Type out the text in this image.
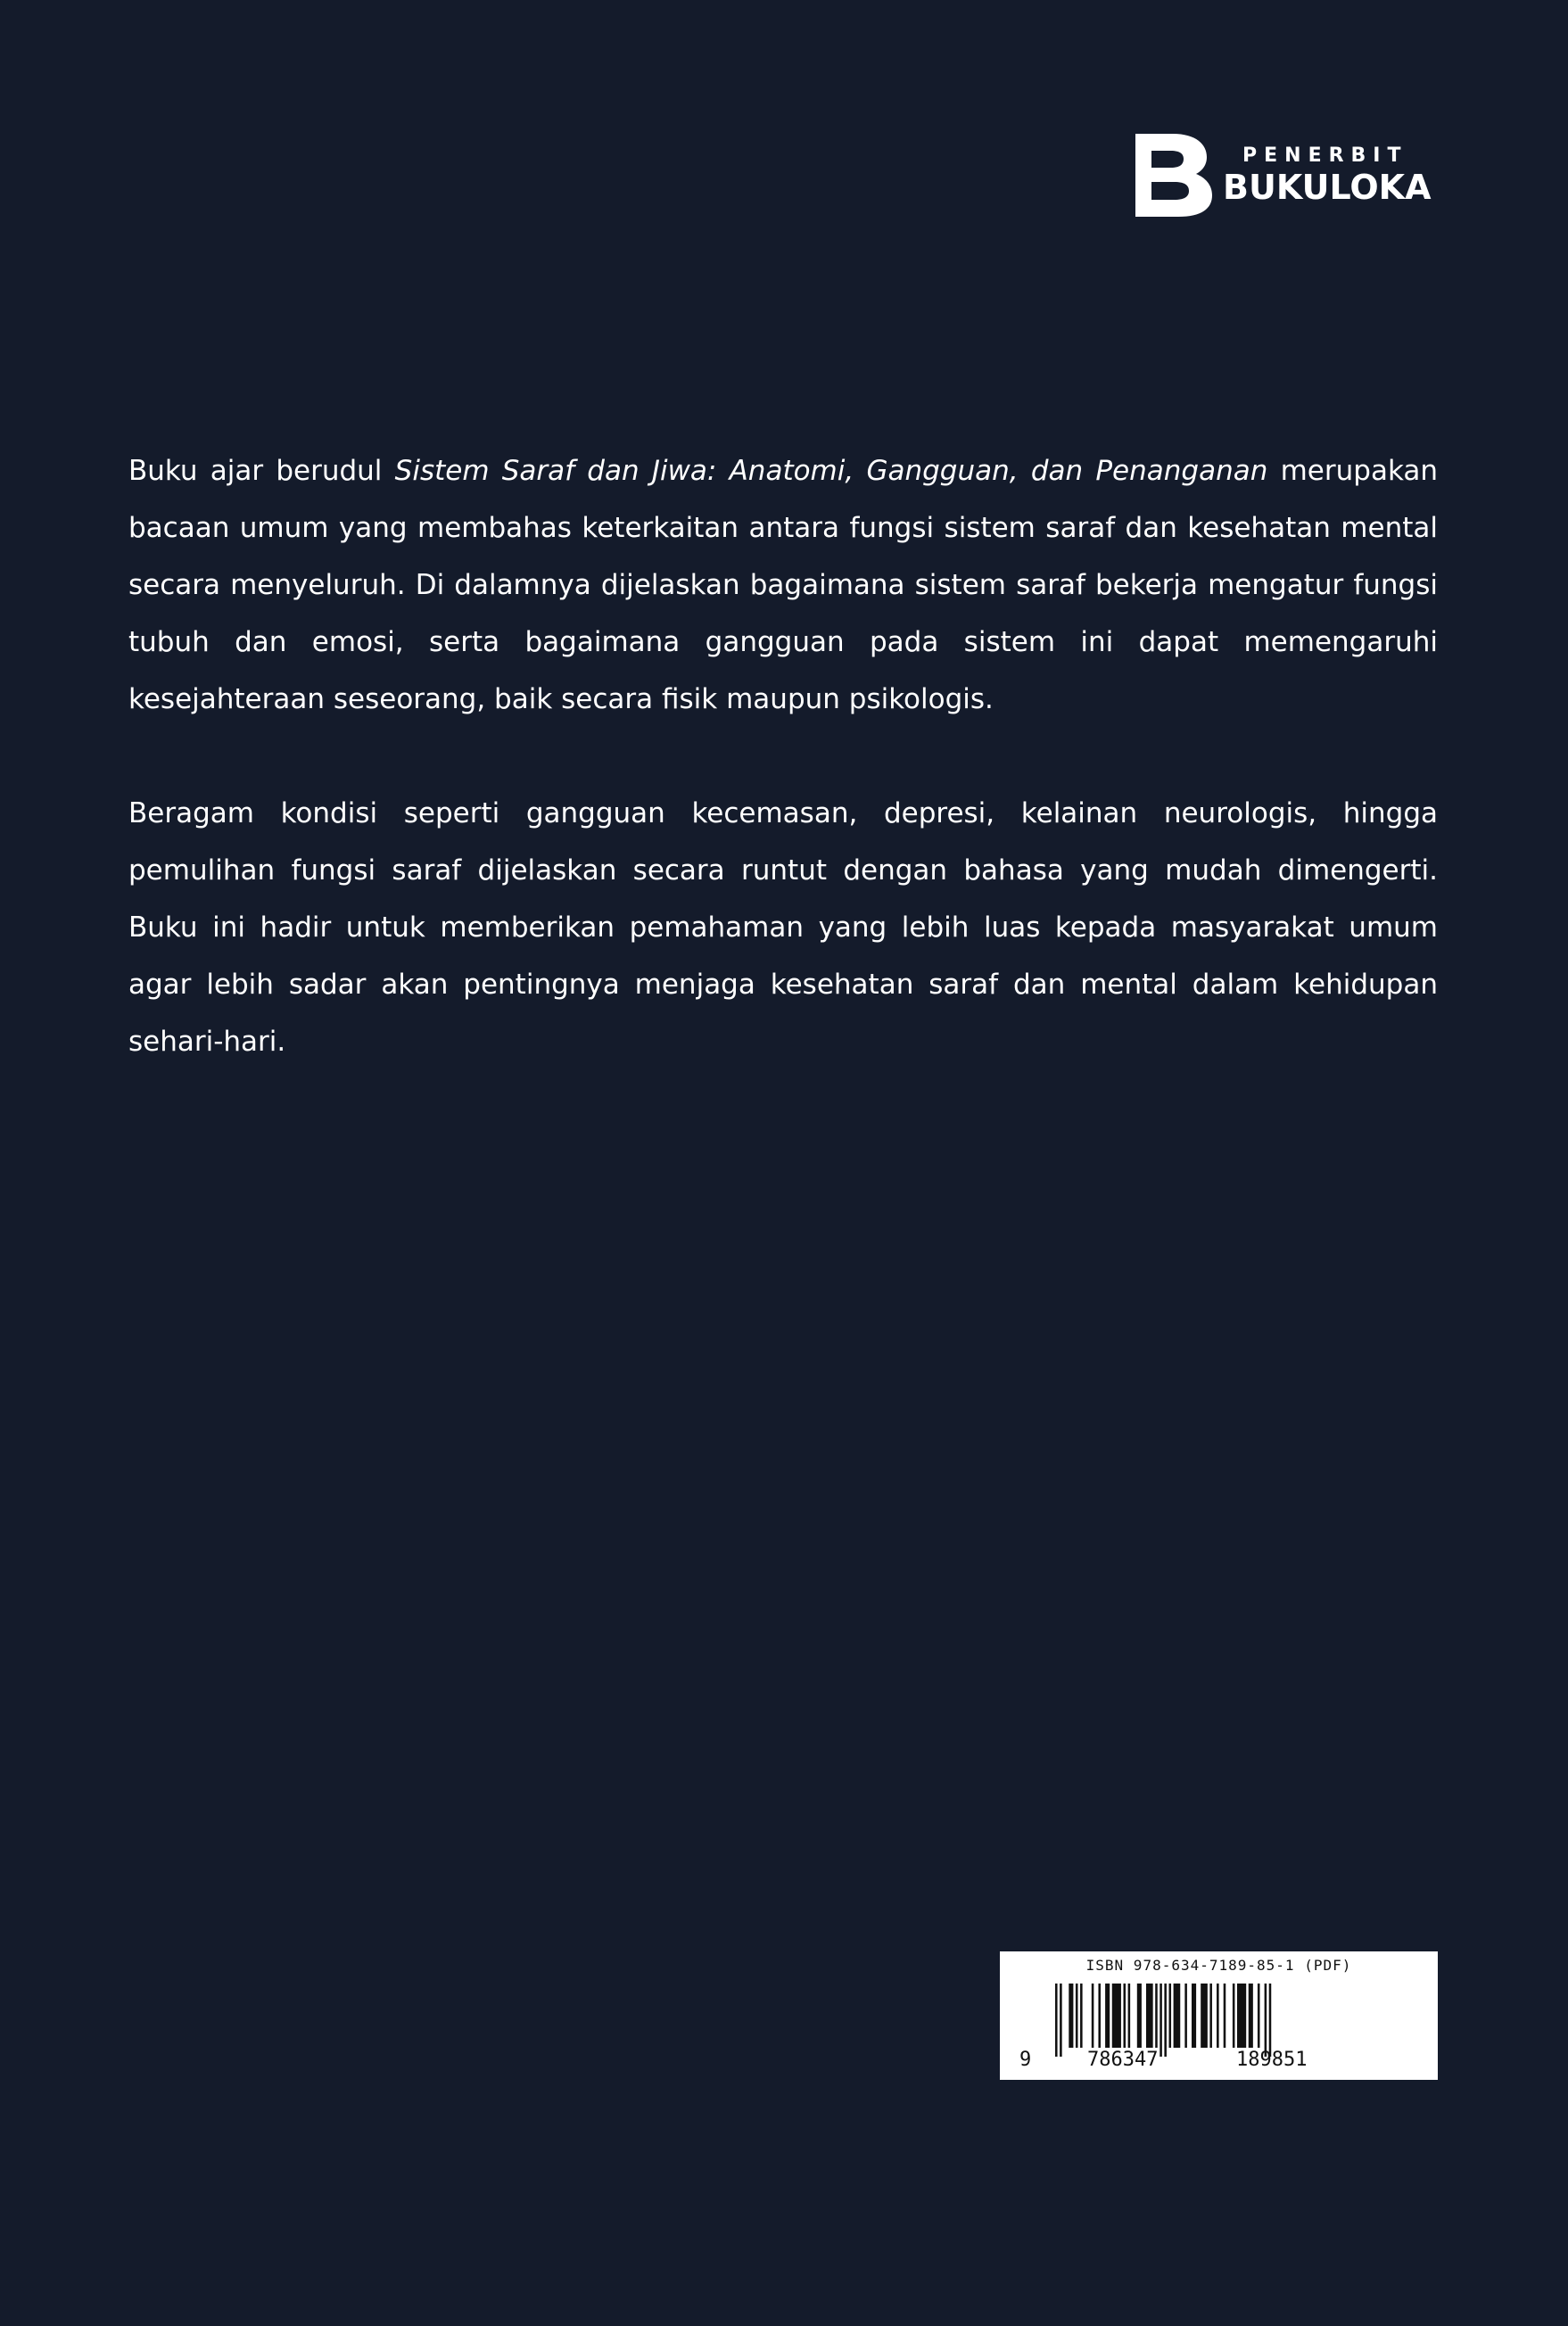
PENERBIT
BUKULOKA

Buku ajar berudul Sistem Saraf dan Jiwa: Anatomi, Gangguan, dan Penanganan merupakan bacaan umum yang membahas keterkaitan antara fungsi sistem saraf dan kesehatan mental secara menyeluruh. Di dalamnya dijelaskan bagaimana sistem saraf bekerja mengatur fungsi tubuh dan emosi, serta bagaimana gangguan pada sistem ini dapat memengaruhi kesejahteraan seseorang, baik secara fisik maupun psikologis.

Beragam kondisi seperti gangguan kecemasan, depresi, kelainan neurologis, hingga pemulihan fungsi saraf dijelaskan secara runtut dengan bahasa yang mudah dimengerti. Buku ini hadir untuk memberikan pemahaman yang lebih luas kepada masyarakat umum agar lebih sadar akan pentingnya menjaga kesehatan saraf dan mental dalam kehidupan sehari-hari.

ISBN 978-634-7189-85-1 (PDF)
9	786347	189851
